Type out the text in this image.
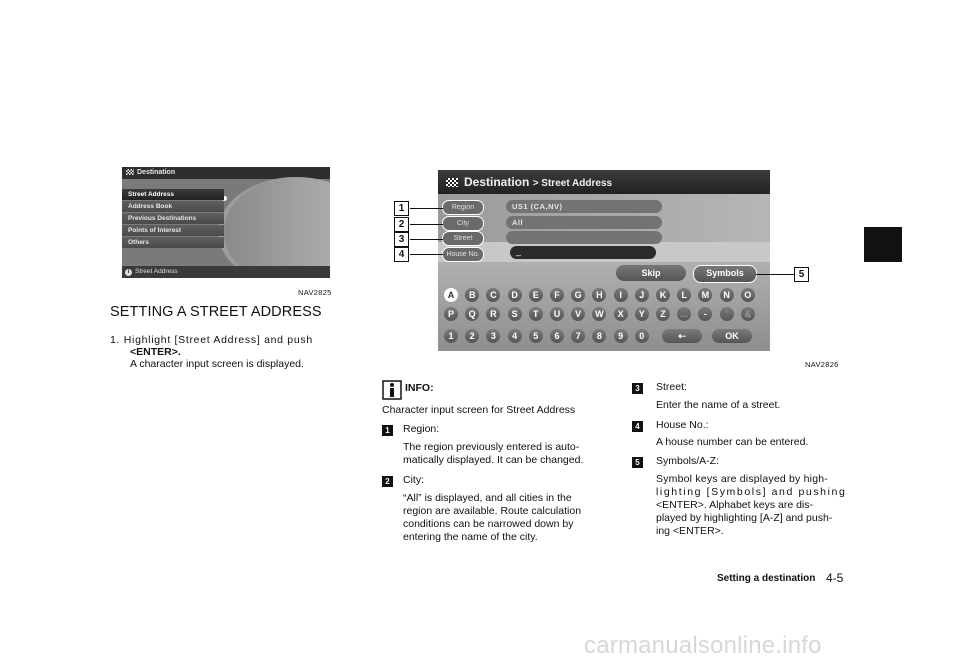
Destination
Street Address
Address Book
Previous Destinations
Points of Interest
Others
i Street Address
NAV2825
SETTING A STREET ADDRESS
1. Highlight [Street Address] and push
<ENTER>.
A character input screen is displayed.
Destination > Street Address
Region	US1 (CA,NV)
City	All
Street
House No.	_
Skip	Symbols
A	B	C	D	E	F	G	H	I	J	K	L	M	N	O
P	Q	R	S	T	U	V	W	X	Y	Z	...	-	'	&
1	2	3	4	5	6	7	8	9	0	⇠	OK
1
2
3
4
5
NAV2826
INFO:
Character input screen for Street Address
1	Region:
The region previously entered is auto-
matically displayed. It can be changed.
2	City:
“All” is displayed, and all cities in the
region are available. Route calculation
conditions can be narrowed down by
entering the name of the city.
3	Street:
Enter the name of a street.
4	House No.:
A house number can be entered.
5	Symbols/A-Z:
Symbol keys are displayed by high-
lighting [Symbols] and pushing
<ENTER>. Alphabet keys are dis-
played by highlighting [A-Z] and push-
ing <ENTER>.
Setting a destination 4-5
carmanualsonline.info
